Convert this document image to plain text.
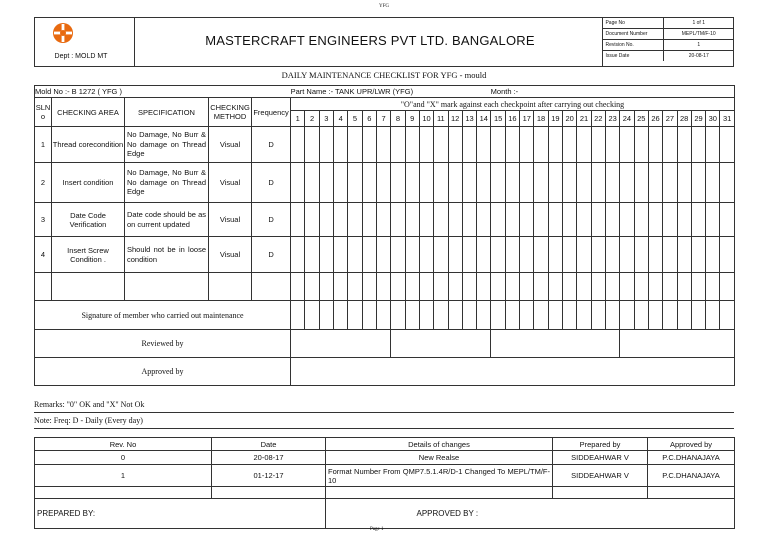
YFG

Page No	1 of 1
Document Number	MEPL/TM/F-10
Revision No.	1
Issue Date	20-08-17
Dept : MOLD MT
MASTERCRAFT ENGINEERS PVT LTD. BANGALORE
DAILY MAINTENANCE CHECKLIST FOR YFG - mould
Mold No :- B 1272 ( YFG )					Part Name :- TANK UPR/LWR (YFG)													Month :-																	
SLN o	CHECKING AREA	SPECIFICATION	CHECKING METHOD	Frequency	"O"and "X" mark against each checkpoint after carrying out checking																														
					1	2	3	4	5	6	7	8	9	10	11	12	13	14	15	16	17	18	19	20	21	22	23	24	25	26	27	28	29	30	31
1	Thread corecondition	No Damage, No Burr & No damage on Thread Edge	Visual	D																															
2	Insert condition	No Damage, No Burr & No damage on Thread Edge	Visual	D																															
3	Date Code Verification	Date code should be as on current updated	Visual	D																															
4	Insert Screw Condition .	Should not be in loose condition	Visual	D																															

Signature of member who carried out maintenance																																			
Reviewed by																																			
Approved by																																			
Remarks: "0" OK and "X" Not Ok
Note: Freq: D - Daily (Every day)
Rev. No	Date	Details of changes	Prepared by	Approved by
0	20-08-17	New Realse	SIDDEAHWAR V	P.C.DHANAJAYA
1	01-12-17	Format Number From QMP7.5.1.4R/D-1 Changed To MEPL/TM/F-10	SIDDEAHWAR V	P.C.DHANAJAYA

PREPARED BY:			APPROVED BY :	
Page 1
